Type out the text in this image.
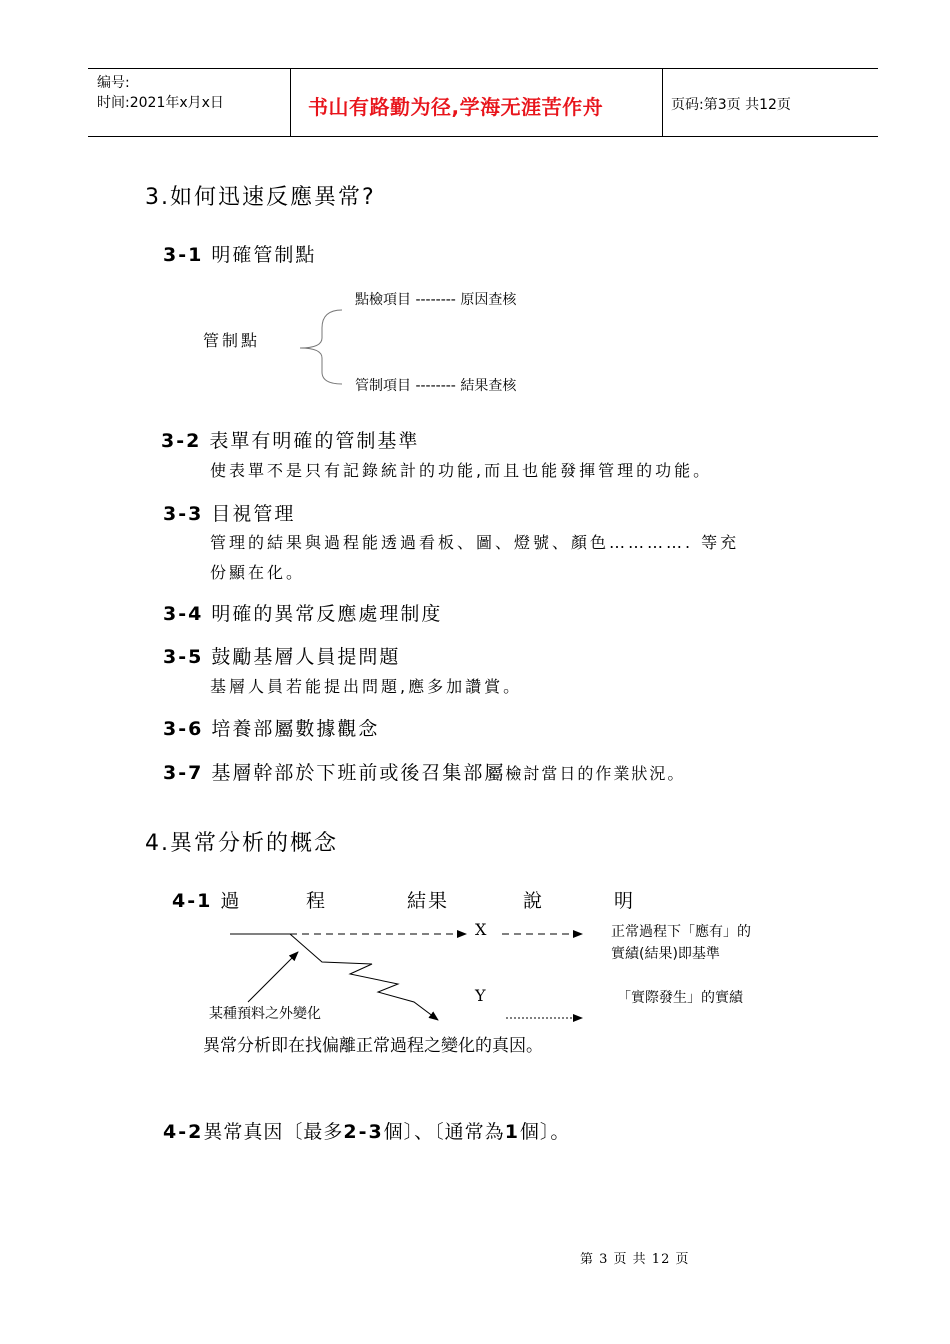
编号:
时间:2021年x月x日	书山有路勤为径,学海无涯苦作舟	页码:第3页 共12页
3.如何迅速反應異常?
3-1 明確管制點
管制點
點檢項目 -------- 原因查核
管制項目 -------- 結果查核
3-2 表單有明確的管制基準
使表單不是只有記錄統計的功能,而且也能發揮管理的功能。
3-3 目視管理
管理的結果與過程能透過看板、圖、燈號、顏色…………. 等充
份顯在化。
3-4 明確的異常反應處理制度
3-5 鼓勵基層人員提問題
基層人員若能提出問題,應多加讚賞。
3-6 培養部屬數據觀念
3-7 基層幹部於下班前或後召集部屬檢討當日的作業狀況。
4.異常分析的概念
4-1 過	程	結果	說	明
X
Y
正常過程下「應有」的
實績(結果)即基準
「實際發生」的實績
某種預料之外變化
異常分析即在找偏離正常過程之變化的真因。
4-2異常真因〔最多2-3個〕、〔通常為1個〕。
第 3 页 共 12 页
